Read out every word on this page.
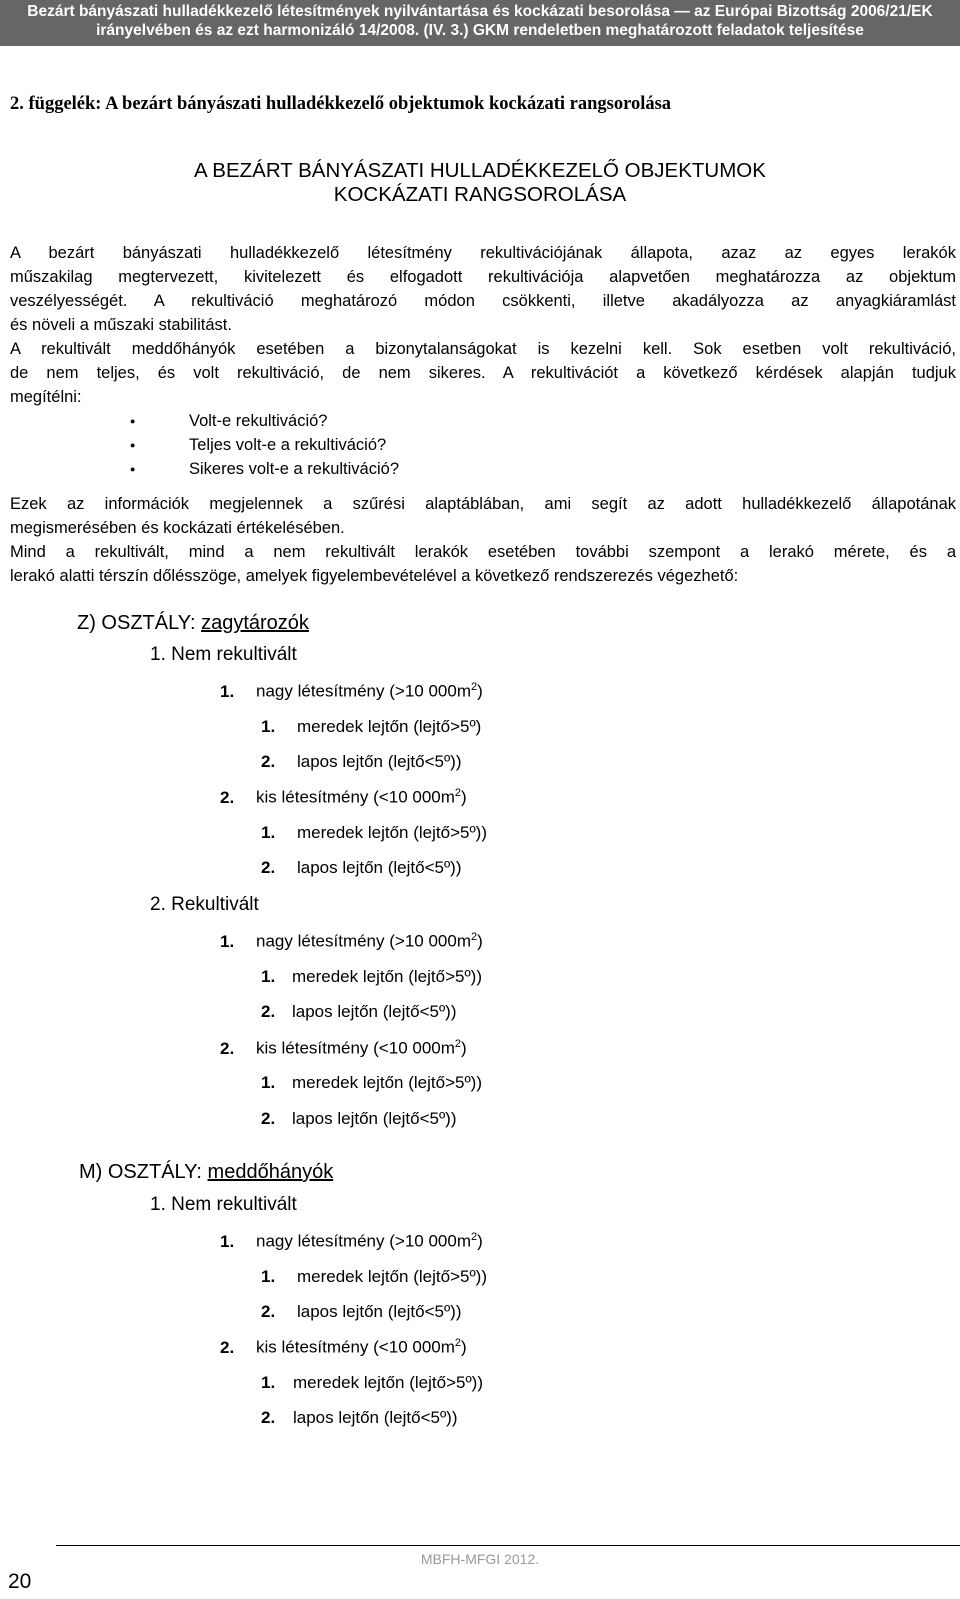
Bezárt bányászati hulladékkezelő létesítmények nyilvántartása és kockázati besorolása — az Európai Bizottság 2006/21/EK
irányelvében és az ezt harmonizáló 14/2008. (IV. 3.) GKM rendeletben meghatározott feladatok teljesítése
2. függelék: A bezárt bányászati hulladékkezelő objektumok kockázati rangsorolása
A BEZÁRT BÁNYÁSZATI HULLADÉKKEZELŐ OBJEKTUMOK
KOCKÁZATI RANGSOROLÁSA
A bezárt bányászati hulladékkezelő létesítmény rekultivációjának állapota, azaz az egyes lerakók
műszakilag megtervezett, kivitelezett és elfogadott rekultivációja alapvetően meghatározza az objektum
veszélyességét. A rekultiváció meghatározó módon csökkenti, illetve akadályozza az anyagkiáramlást
és növeli a műszaki stabilitást.
A rekultivált meddőhányók esetében a bizonytalanságokat is kezelni kell. Sok esetben volt rekultiváció,
de nem teljes, és volt rekultiváció, de nem sikeres. A rekultivációt a következő kérdések alapján tudjuk
megítélni:
● Volt-e rekultiváció?
● Teljes volt-e a rekultiváció?
● Sikeres volt-e a rekultiváció?
Ezek az információk megjelennek a szűrési alaptáblában, ami segít az adott hulladékkezelő állapotának
megismerésében és kockázati értékelésében.
Mind a rekultivált, mind a nem rekultivált lerakók esetében további szempont a lerakó mérete, és a
lerakó alatti térszín dőlésszöge, amelyek figyelembevételével a következő rendszerezés végezhető:
Z) OSZTÁLY: zagytározók
1. Nem rekultivált
1. nagy létesítmény (>10 $000m^2$)
1. meredek lejtőn (lejtő>5º)
2. lapos lejtőn (lejtő<5º))
2. kis létesítmény (<10 $000m^2$)
1. meredek lejtőn (lejtő>5º))
2. lapos lejtőn (lejtő<5º))
2. Rekultivált
1. nagy létesítmény (>10 $000m^2$)
1. meredek lejtőn (lejtő>5º))
2. lapos lejtőn (lejtő<5º))
2. kis létesítmény (<10 $000m^2$)
1. meredek lejtőn (lejtő>5º))
2. lapos lejtőn (lejtő<5º))
M) OSZTÁLY: meddőhányók
1. Nem rekultivált
1. nagy létesítmény (>10 $000m^2$)
1. meredek lejtőn (lejtő>5º))
2. lapos lejtőn (lejtő<5º))
2. kis létesítmény (<10 $000m^2$)
1. meredek lejtőn (lejtő>5º))
2. lapos lejtőn (lejtő<5º))
MBFH-MFGI 2012.
20
